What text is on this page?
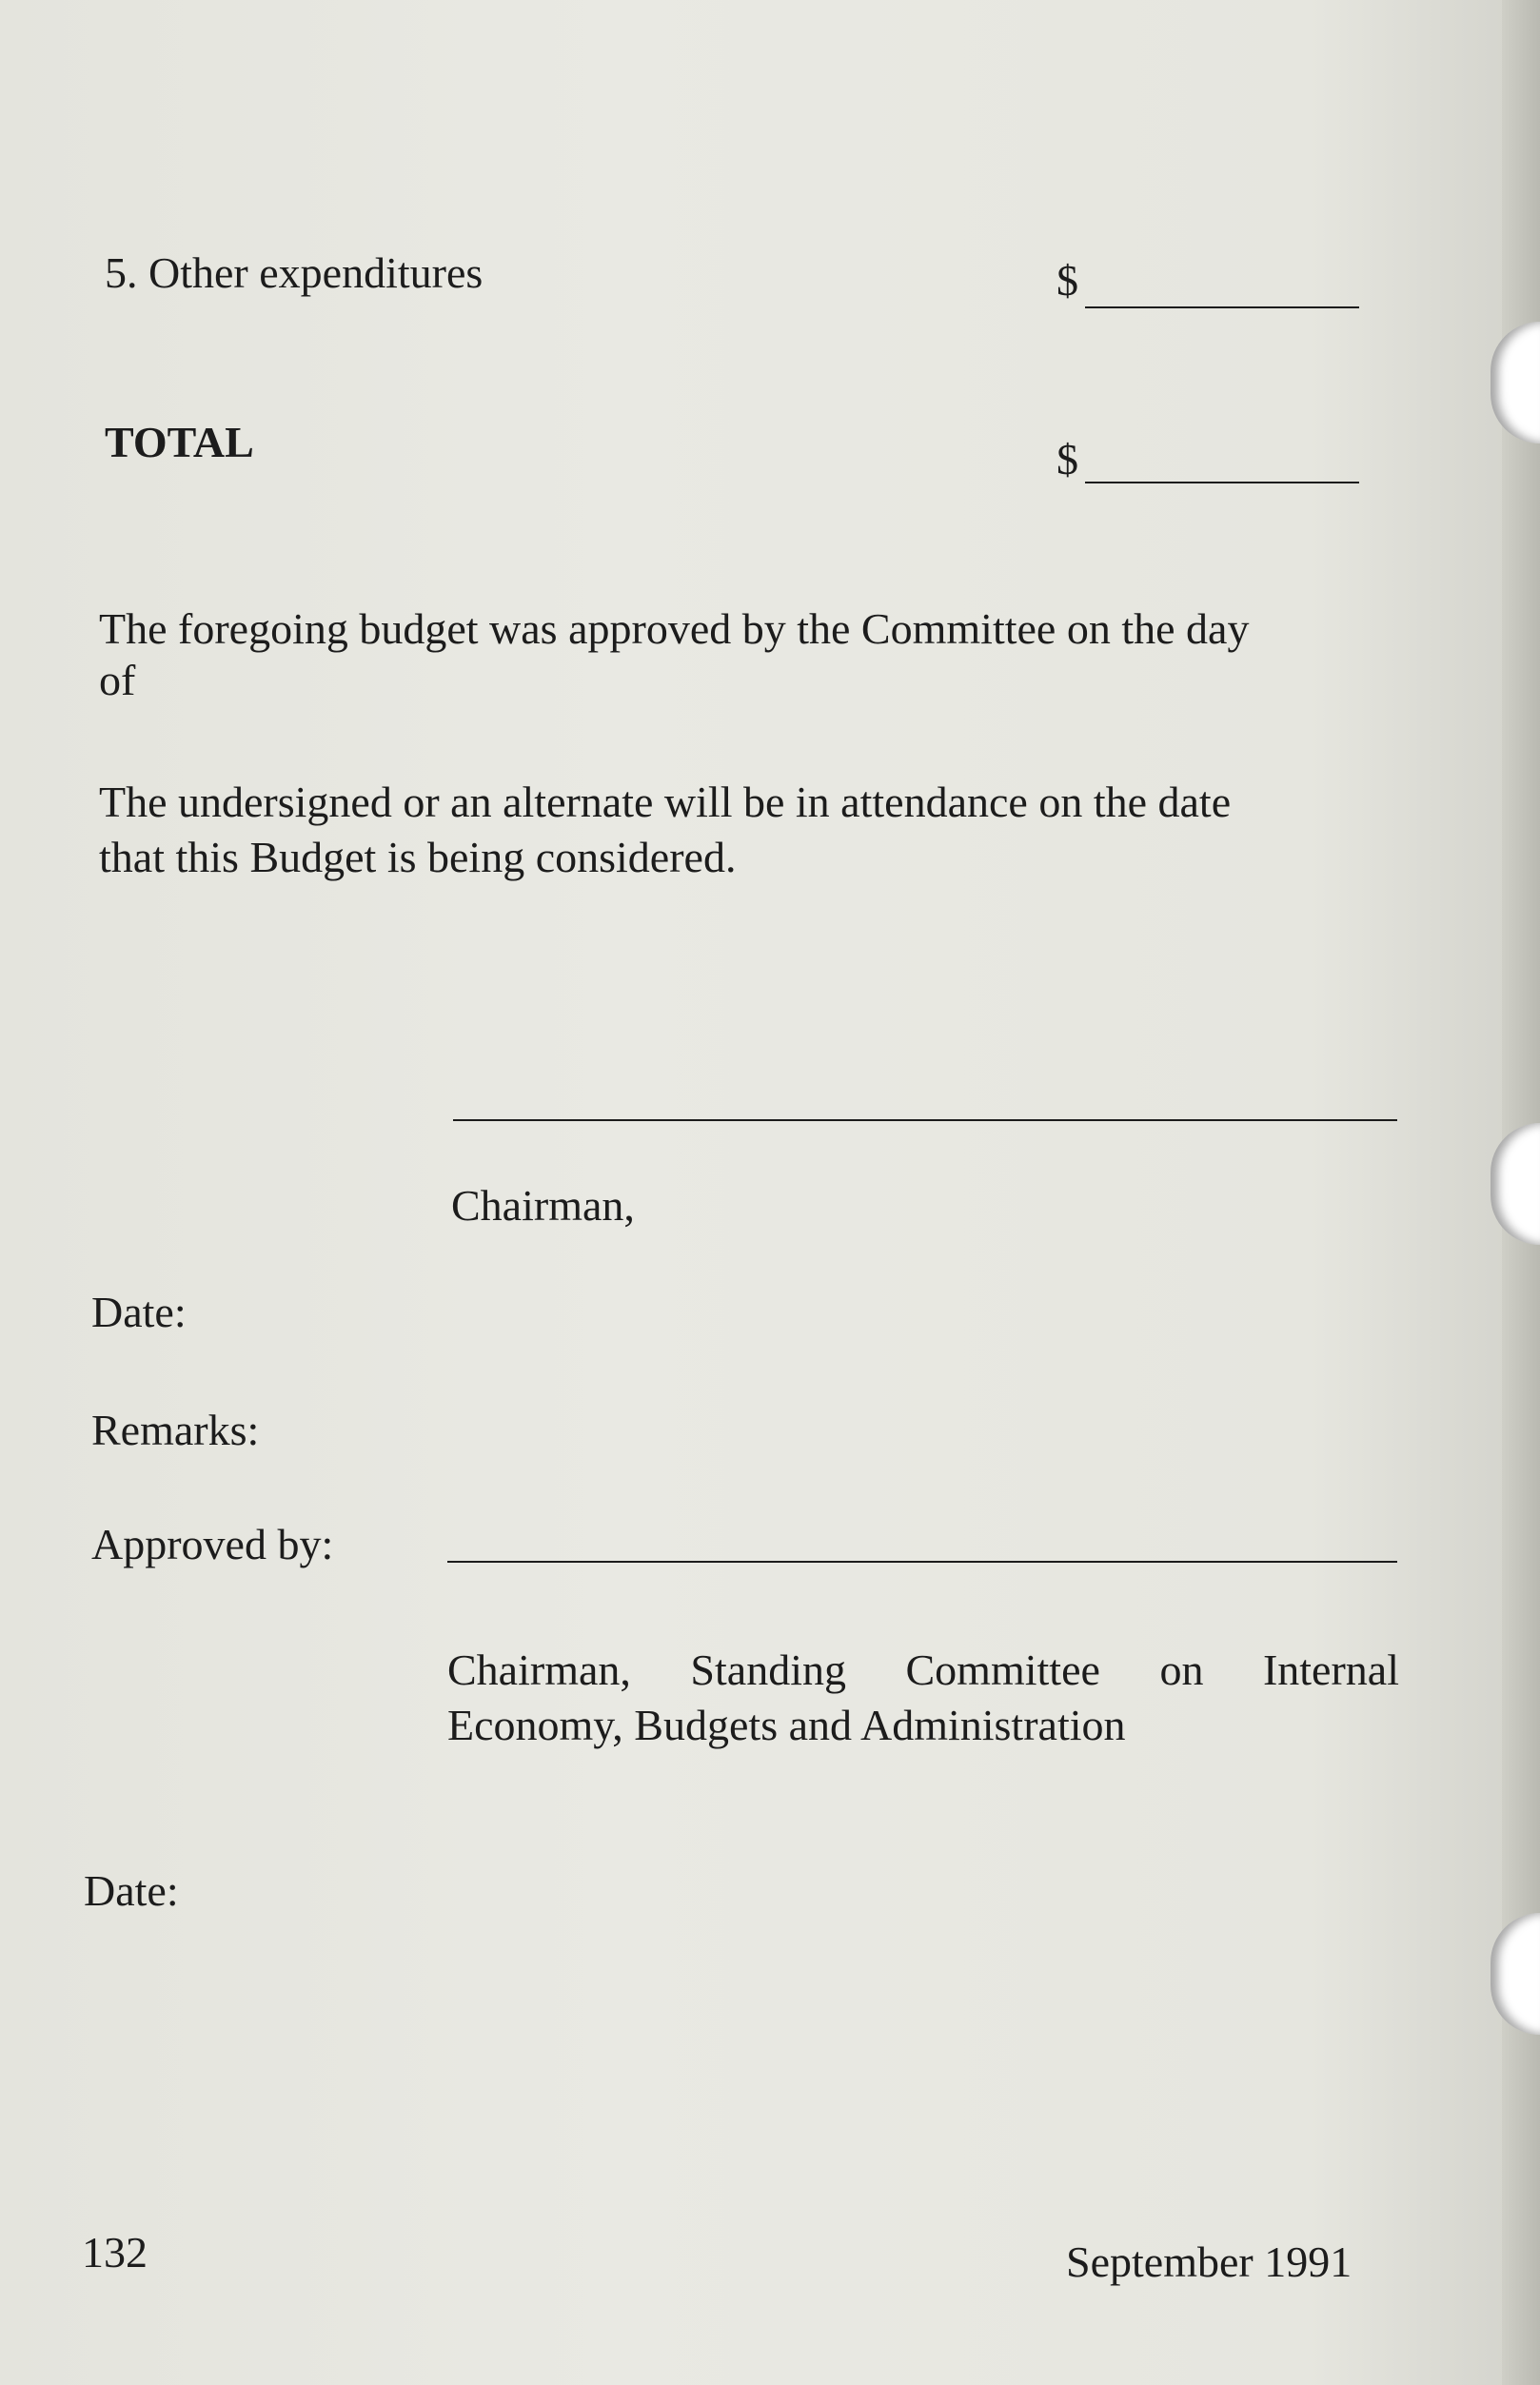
5. Other expenditures	$

TOTAL	$

The foregoing budget was approved by the Committee on the day

of

The undersigned or an alternate will be in attendance on the date

that this Budget is being considered.

Chairman,

Date:

Remarks:

Approved by:

Chairman, Standing Committee on Internal

Economy, Budgets and Administration

Date:

132	September 1991
